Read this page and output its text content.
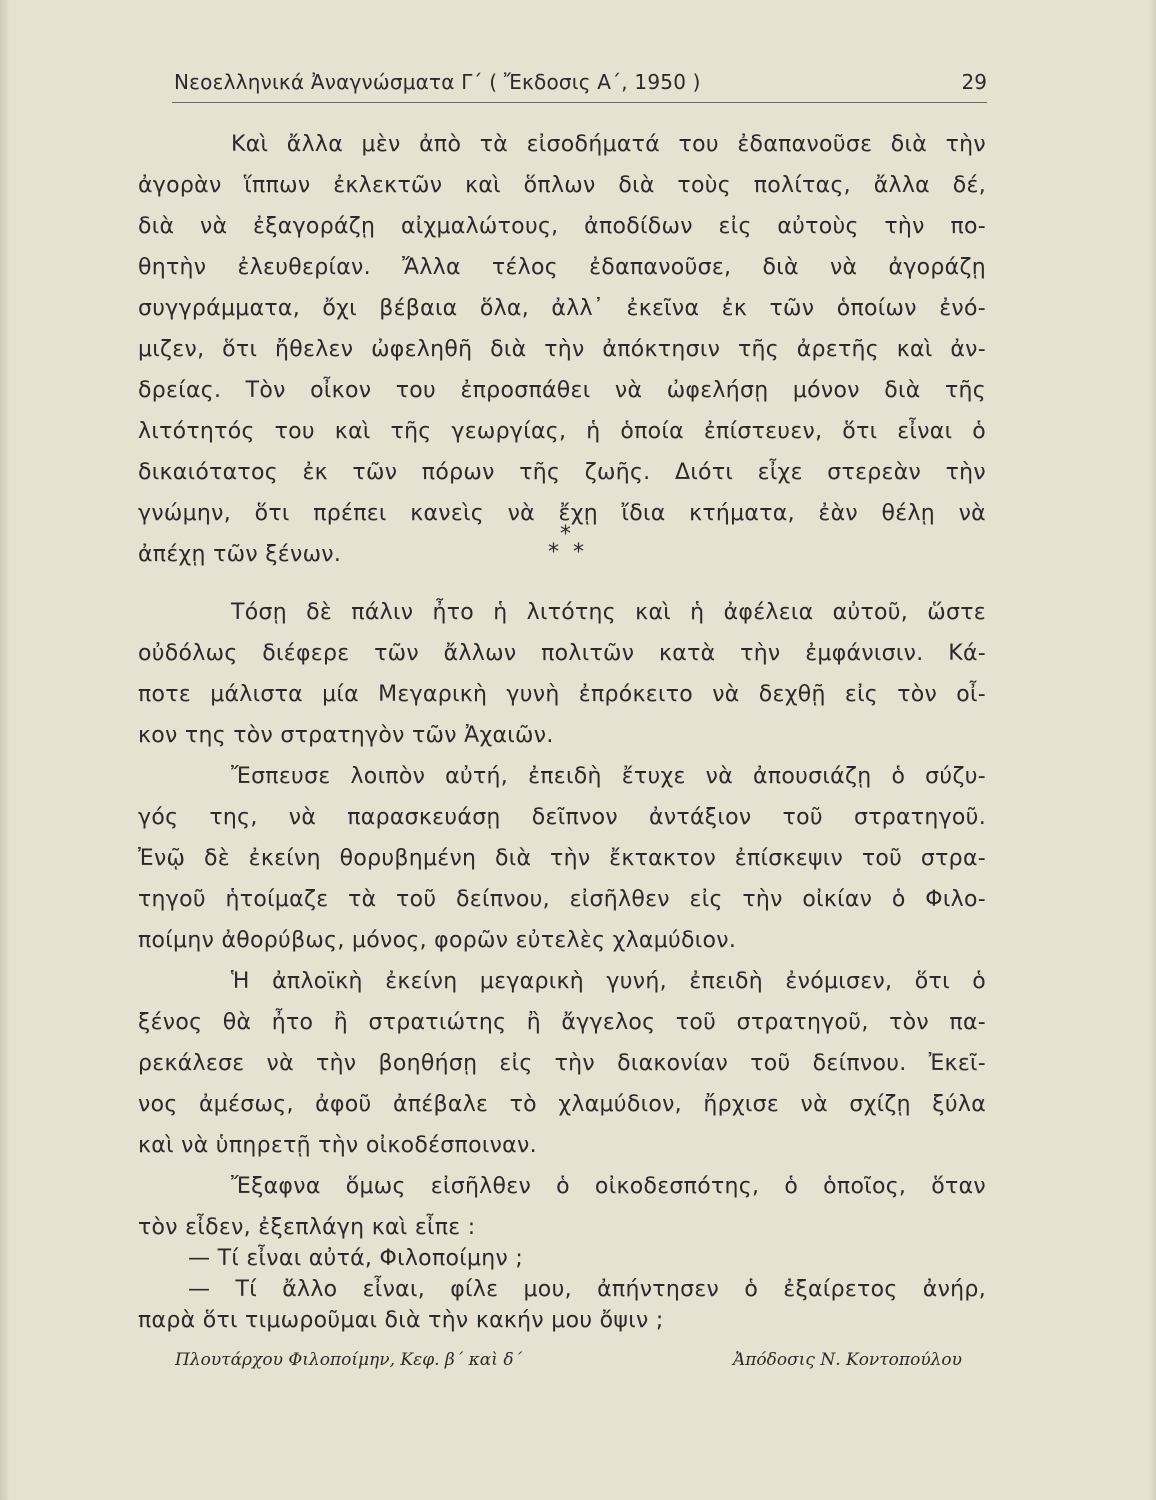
Νεοελληνικά Ἀναγνώσματα Γ΄ ( Ἔκδοσις Α΄, 1950 )	29
Καὶ ἄλλα μὲν ἀπὸ τὰ εἰσοδήματά του ἐδαπανοῦσε διὰ τὴν
ἀγορὰν ἵππων ἐκλεκτῶν καὶ ὅπλων διὰ τοὺς πολίτας, ἄλλα δέ,
διὰ νὰ ἐξαγοράζῃ αἰχμαλώτους, ἀποδίδων εἰς αὐτοὺς τὴν πο-
θητὴν ἐλευθερίαν. Ἄλλα τέλος ἐδαπανοῦσε, διὰ νὰ ἀγοράζῃ
συγγράμματα, ὄχι βέβαια ὅλα, ἀλλ᾿ ἐκεῖνα ἐκ τῶν ὁποίων ἐνό-
μιζεν, ὅτι ἤθελεν ὠφεληθῆ διὰ τὴν ἀπόκτησιν τῆς ἀρετῆς καὶ ἀν-
δρείας. Τὸν οἶκον του ἐπροσπάθει νὰ ὠφελήσῃ μόνον διὰ τῆς
λιτότητός του καὶ τῆς γεωργίας, ἡ ὁποία ἐπίστευεν, ὅτι εἶναι ὁ
δικαιότατος ἐκ τῶν πόρων τῆς ζωῆς. Διότι εἶχε στερεὰν τὴν
γνώμην, ὅτι πρέπει κανεὶς νὰ ἔχῃ ἴδια κτήματα, ἐὰν θέλῃ νὰ
ἀπέχῃ τῶν ξένων.
*
* *
Τόσῃ δὲ πάλιν ἦτο ἡ λιτότης καὶ ἡ ἀφέλεια αὐτοῦ, ὥστε
οὐδόλως διέφερε τῶν ἄλλων πολιτῶν κατὰ τὴν ἐμφάνισιν. Κά-
ποτε μάλιστα μία Μεγαρικὴ γυνὴ ἐπρόκειτο νὰ δεχθῇ εἰς τὸν οἶ-
κον της τὸν στρατηγὸν τῶν Ἀχαιῶν.
Ἔσπευσε λοιπὸν αὐτή, ἐπειδὴ ἔτυχε νὰ ἀπουσιάζῃ ὁ σύζυ-
γός της, νὰ παρασκευάσῃ δεῖπνον ἀντάξιον τοῦ στρατηγοῦ.
Ἐνῷ δὲ ἐκείνη θορυβημένη διὰ τὴν ἔκτακτον ἐπίσκεψιν τοῦ στρα-
τηγοῦ ἡτοίμαζε τὰ τοῦ δείπνου, εἰσῆλθεν εἰς τὴν οἰκίαν ὁ Φιλο-
ποίμην ἀθορύβως, μόνος, φορῶν εὐτελὲς χλαμύδιον.
Ἡ ἀπλοϊκὴ ἐκείνη μεγαρικὴ γυνή, ἐπειδὴ ἐνόμισεν, ὅτι ὁ
ξένος θὰ ἦτο ἢ στρατιώτης ἢ ἄγγελος τοῦ στρατηγοῦ, τὸν πα-
ρεκάλεσε νὰ τὴν βοηθήσῃ εἰς τὴν διακονίαν τοῦ δείπνου. Ἐκεῖ-
νος ἀμέσως, ἀφοῦ ἀπέβαλε τὸ χλαμύδιον, ἤρχισε νὰ σχίζῃ ξύλα
καὶ νὰ ὑπηρετῇ τὴν οἰκοδέσποιναν.
Ἔξαφνα ὅμως εἰσῆλθεν ὁ οἰκοδεσπότης, ὁ ὁποῖος, ὅταν
τὸν εἶδεν, ἐξεπλάγη καὶ εἶπε :
— Τί εἶναι αὐτά, Φιλοποίμην ;
— Τί ἄλλο εἶναι, φίλε μου, ἀπήντησεν ὁ ἐξαίρετος ἀνήρ,
παρὰ ὅτι τιμωροῦμαι διὰ τὴν κακήν μου ὄψιν ;
Πλουτάρχου Φιλοποίμην, Κεφ. β΄ καὶ δ΄	Ἀπόδοσις Ν. Κοντοπούλου
